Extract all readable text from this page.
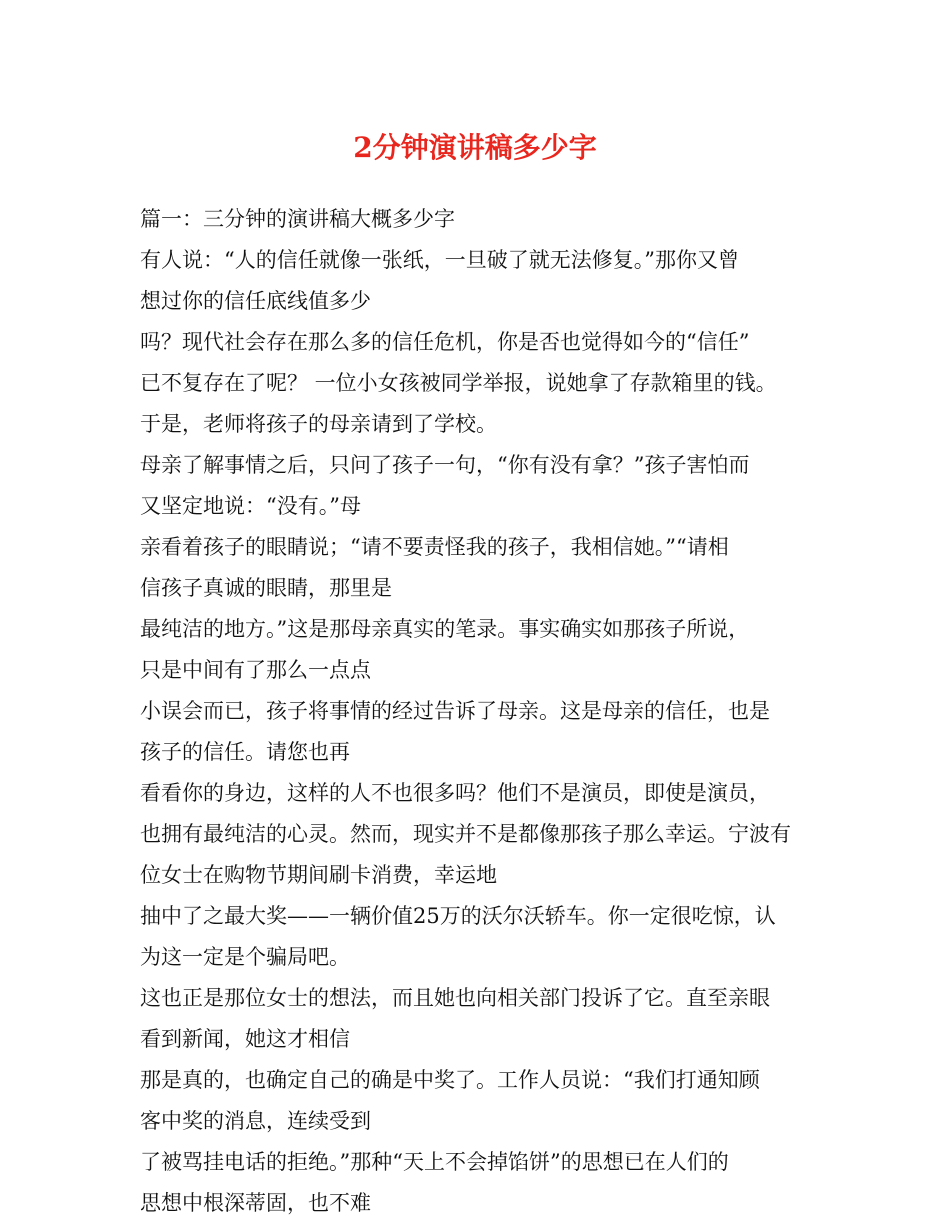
2分钟演讲稿多少字
篇一：三分钟的演讲稿大概多少字
有人说：“人的信任就像一张纸，一旦破了就无法修复。”那你又曾
想过你的信任底线值多少
吗？现代社会存在那么多的信任危机，你是否也觉得如今的“信任”
已不复存在了呢？ 一位小女孩被同学举报，说她拿了存款箱里的钱。
于是，老师将孩子的母亲请到了学校。
母亲了解事情之后，只问了孩子一句，“你有没有拿？”孩子害怕而
又坚定地说：“没有。”母
亲看着孩子的眼睛说；“请不要责怪我的孩子，我相信她。”“请相
信孩子真诚的眼睛，那里是
最纯洁的地方。”这是那母亲真实的笔录。事实确实如那孩子所说，
只是中间有了那么一点点
小误会而已，孩子将事情的经过告诉了母亲。这是母亲的信任，也是
孩子的信任。请您也再
看看你的身边，这样的人不也很多吗？他们不是演员，即使是演员，
也拥有最纯洁的心灵。然而，现实并不是都像那孩子那么幸运。宁波有
位女士在购物节期间刷卡消费，幸运地
抽中了之最大奖——一辆价值25万的沃尔沃轿车。你一定很吃惊，认
为这一定是个骗局吧。
这也正是那位女士的想法，而且她也向相关部门投诉了它。直至亲眼
看到新闻，她这才相信
那是真的，也确定自己的确是中奖了。工作人员说：“我们打通知顾
客中奖的消息，连续受到
了被骂挂电话的拒绝。”那种“天上不会掉馅饼”的思想已在人们的
思想中根深蒂固，也不难
